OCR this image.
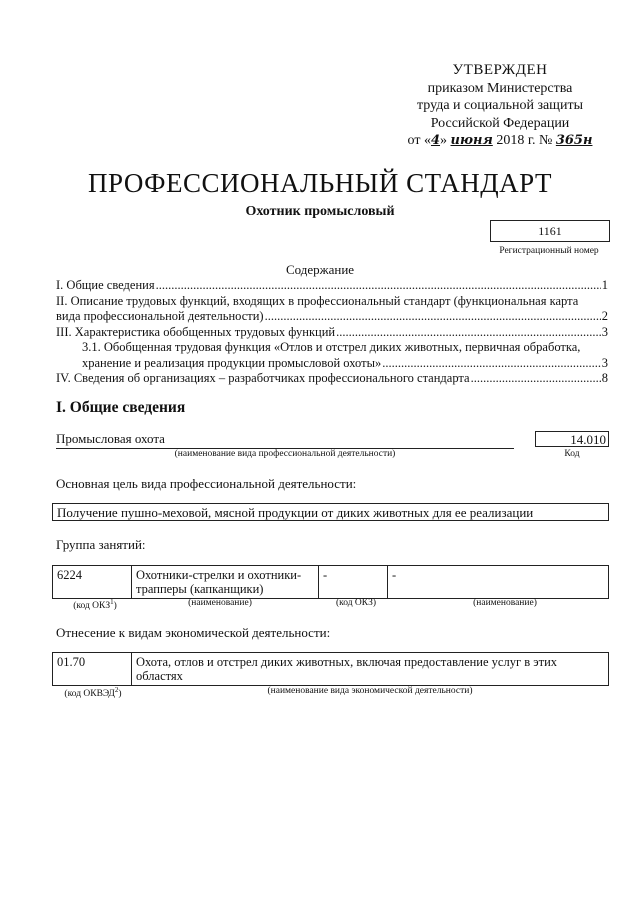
УТВЕРЖДЕН
приказом Министерства
труда и социальной защиты
Российской Федерации
от «4» июня 2018 г. № 365н
ПРОФЕССИОНАЛЬНЫЙ СТАНДАРТ
Охотник промысловый
1161
Регистрационный номер
Содержание
I. Общие сведения .....	1
II. Описание трудовых функций, входящих в профессиональный стандарт (функциональная карта
вида профессиональной деятельности) .....	2
III. Характеристика обобщенных трудовых функций .....	3
3.1. Обобщенная трудовая функция «Отлов и отстрел диких животных, первичная обработка,
хранение и реализация продукции промысловой охоты» .....	3
IV. Сведения об организациях – разработчиках профессионального стандарта .....	8
I. Общие сведения
Промысловая охота
(наименование вида профессиональной деятельности)
14.010
Код
Основная цель вида профессиональной деятельности:
Получение пушно-меховой, мясной продукции от диких животных для ее реализации
Группа занятий:
6224	Охотники-стрелки и охотники-трапперы (капканщики)	-	-
(код ОКЗ$^1$)	(наименование)	(код ОКЗ)	(наименование)
Отнесение к видам экономической деятельности:
01.70	Охота, отлов и отстрел диких животных, включая предоставление услуг в этих областях
(код ОКВЭД$^2$)	(наименование вида экономической деятельности)
